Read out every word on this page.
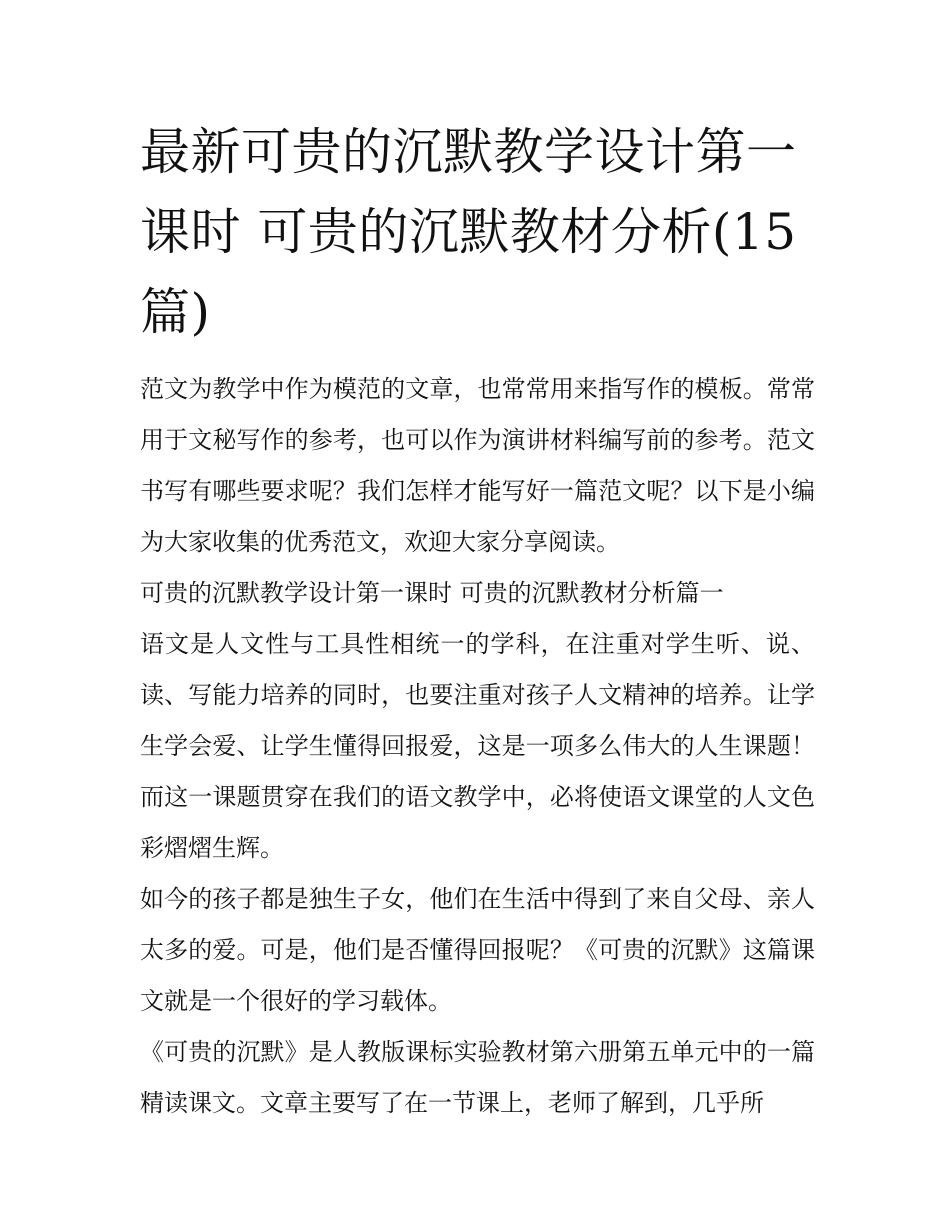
最新可贵的沉默教学设计第一课时 可贵的沉默教材分析(15篇)

范文为教学中作为模范的文章，也常常用来指写作的模板。常常用于文秘写作的参考，也可以作为演讲材料编写前的参考。范文书写有哪些要求呢？我们怎样才能写好一篇范文呢？以下是小编为大家收集的优秀范文，欢迎大家分享阅读。

可贵的沉默教学设计第一课时 可贵的沉默教材分析篇一

语文是人文性与工具性相统一的学科，在注重对学生听、说、读、写能力培养的同时，也要注重对孩子人文精神的培养。让学生学会爱、让学生懂得回报爱，这是一项多么伟大的人生课题！而这一课题贯穿在我们的语文教学中，必将使语文课堂的人文色彩熠熠生辉。

如今的孩子都是独生子女，他们在生活中得到了来自父母、亲人太多的爱。可是，他们是否懂得回报呢？《可贵的沉默》这篇课文就是一个很好的学习载体。

《可贵的沉默》是人教版课标实验教材第六册第五单元中的一篇精读课文。文章主要写了在一节课上，老师了解到，几乎所
